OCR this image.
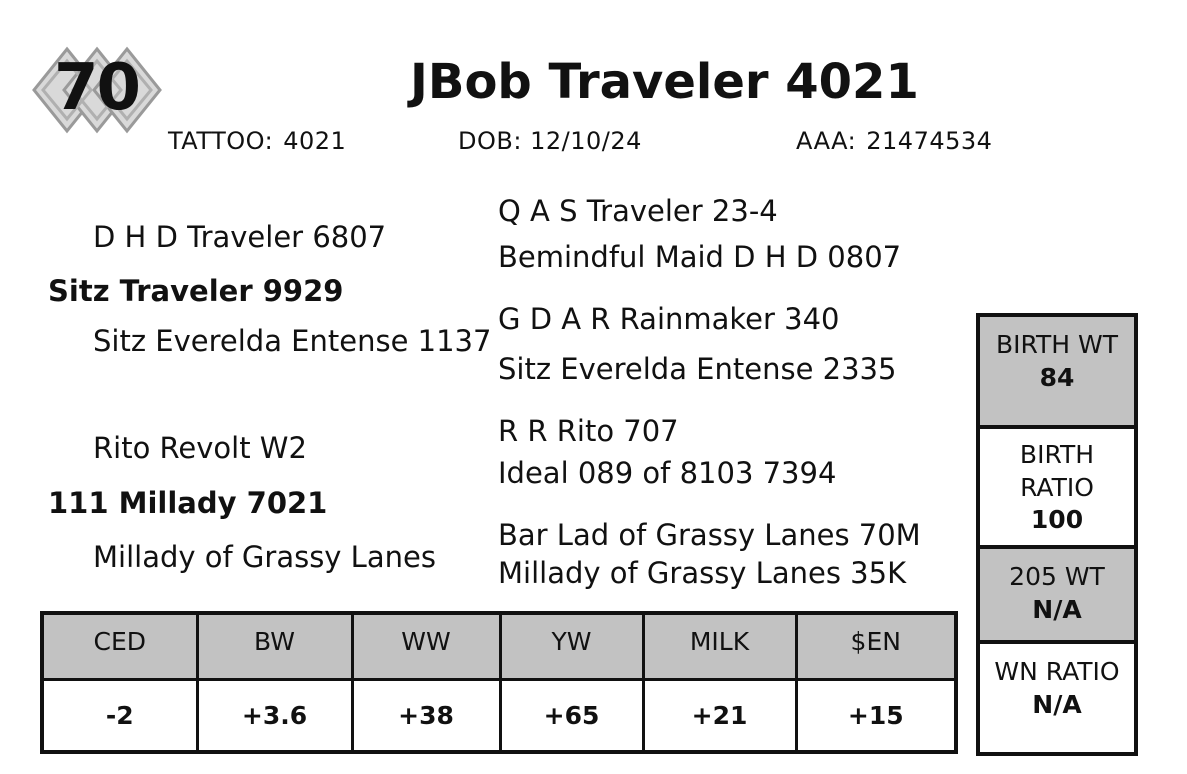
70	JBob Traveler 4021
TATTOO: 4021	DOB: 12/10/24	AAA: 21474534
Q A S Traveler 23-4
D H D Traveler 6807
Bemindful Maid D H D 0807
Sitz Traveler 9929
G D A R Rainmaker 340
Sitz Everelda Entense 1137
Sitz Everelda Entense 2335
R R Rito 707
Rito Revolt W2
Ideal 089 of 8103 7394
111 Millady 7021
Bar Lad of Grassy Lanes 70M
Millady of Grassy Lanes Millady of Grassy Lanes 35K
CED	BW	WW	YW	MILK	$EN
-2	+3.6	+38	+65	+21	+15
BIRTH WT
84
BIRTH
RATIO
100
205 WT
N/A
WN RATIO
N/A
